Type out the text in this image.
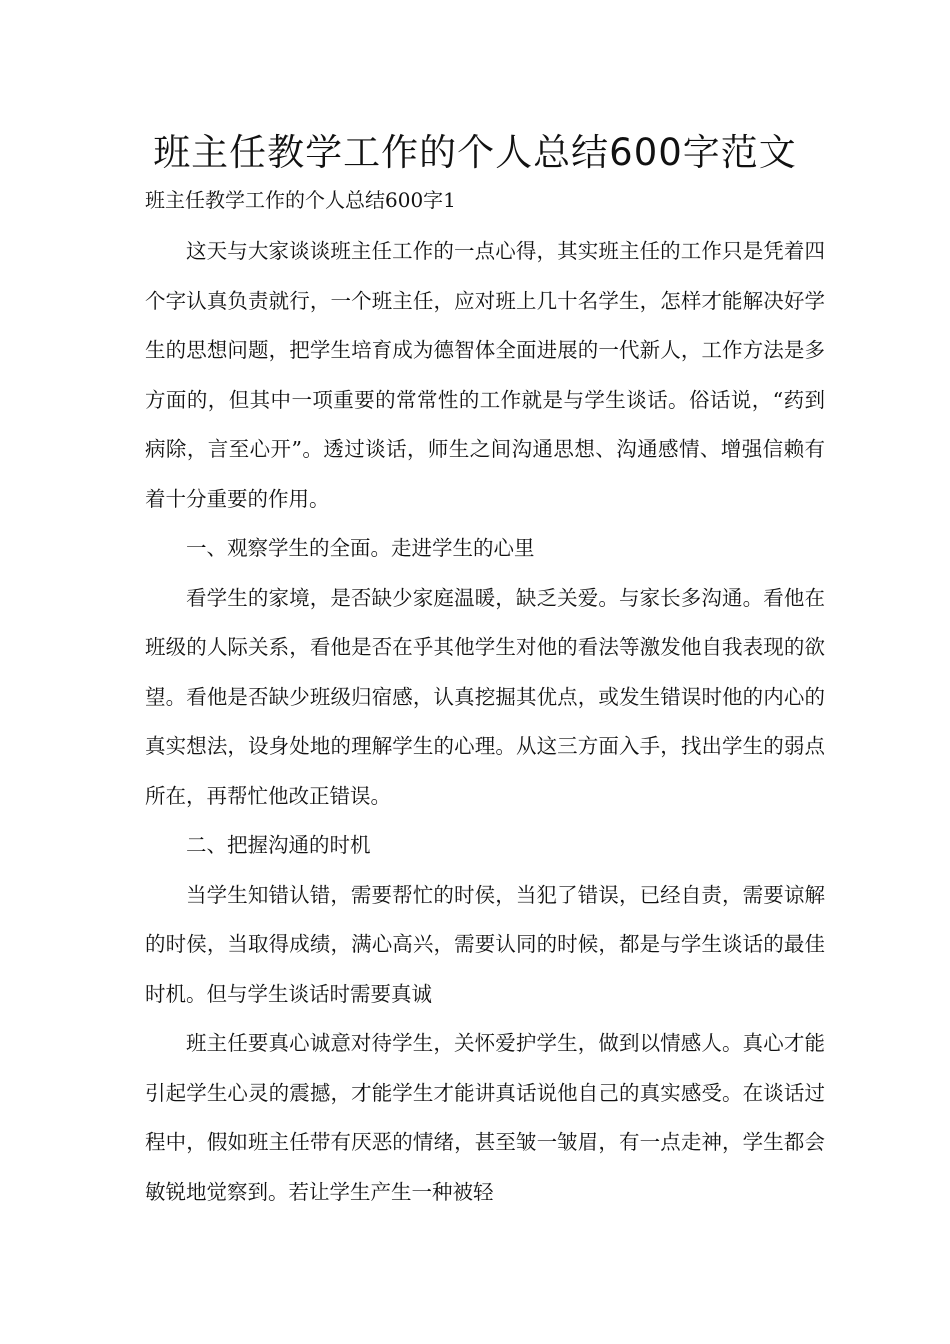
班主任教学工作的个人总结600字范文
班主任教学工作的个人总结600字1

这天与大家谈谈班主任工作的一点心得，其实班主任的工作只是凭着四个字认真负责就行，一个班主任，应对班上几十名学生，怎样才能解决好学生的思想问题，把学生培育成为德智体全面进展的一代新人，工作方法是多方面的，但其中一项重要的常常性的工作就是与学生谈话。俗话说，“药到病除，言至心开”。透过谈话，师生之间沟通思想、沟通感情、增强信赖有着十分重要的作用。

一、观察学生的全面。走进学生的心里

看学生的家境，是否缺少家庭温暖，缺乏关爱。与家长多沟通。看他在班级的人际关系，看他是否在乎其他学生对他的看法等激发他自我表现的欲望。看他是否缺少班级归宿感，认真挖掘其优点，或发生错误时他的内心的真实想法，设身处地的理解学生的心理。从这三方面入手，找出学生的弱点所在，再帮忙他改正错误。

二、把握沟通的时机

当学生知错认错，需要帮忙的时侯，当犯了错误，已经自责，需要谅解的时侯，当取得成绩，满心高兴，需要认同的时候，都是与学生谈话的最佳时机。但与学生谈话时需要真诚

班主任要真心诚意对待学生，关怀爱护学生，做到以情感人。真心才能引起学生心灵的震撼，才能学生才能讲真话说他自己的真实感受。在谈话过程中，假如班主任带有厌恶的情绪，甚至皱一皱眉，有一点走神，学生都会敏锐地觉察到。若让学生产生一种被轻
